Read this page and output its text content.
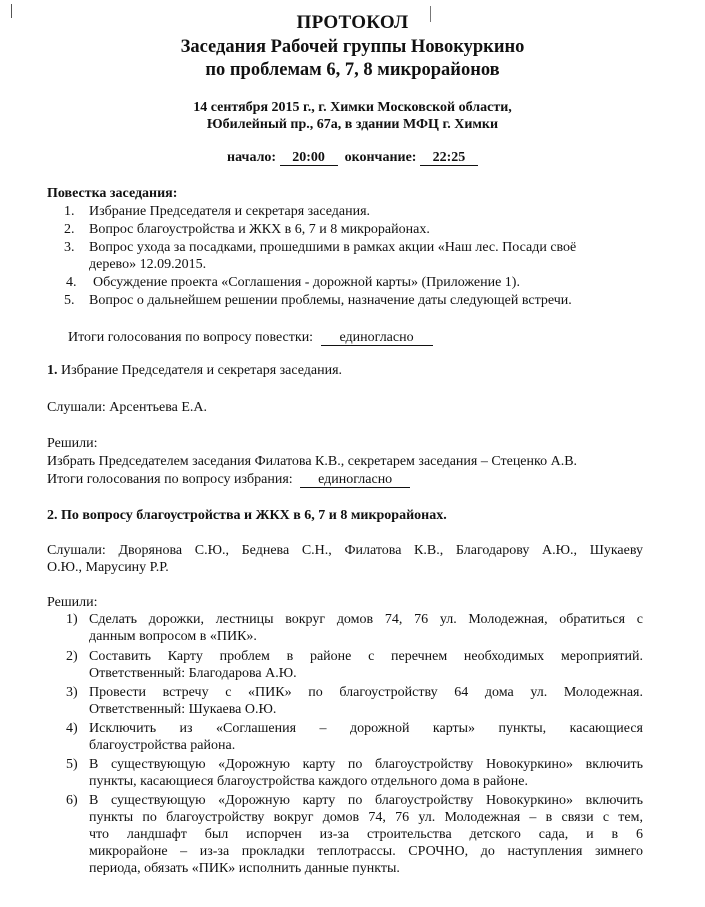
ПРОТОКОЛ
Заседания Рабочей группы Новокуркино
по проблемам 6, 7, 8 микрорайонов
14 сентября 2015 г., г. Химки Московской области,
Юбилейный пр., 67а, в здании МФЦ г. Химки
начало: 20:00 окончание: 22:25
Повестка заседания:
1. Избрание Председателя и секретаря заседания.
2. Вопрос благоустройства и ЖКХ в 6, 7 и 8 микрорайонах.
3. Вопрос ухода за посадками, прошедшими в рамках акции «Наш лес. Посади своё
дерево» 12.09.2015.
4. Обсуждение проекта «Соглашения - дорожной карты» (Приложение 1).
5. Вопрос о дальнейшем решении проблемы, назначение даты следующей встречи.
Итоги голосования по вопросу повестки: единогласно
1. Избрание Председателя и секретаря заседания.
Слушали: Арсентьева Е.А.
Решили:
Избрать Председателем заседания Филатова К.В., секретарем заседания – Стеценко А.В.
Итоги голосования по вопросу избрания: единогласно
2. По вопросу благоустройства и ЖКХ в 6, 7 и 8 микрорайонах.
Слушали: Дворянова С.Ю., Беднева С.Н., Филатова К.В., Благодарову А.Ю., Шукаеву
О.Ю., Марусину Р.Р.
Решили:
1) Сделать дорожки, лестницы вокруг домов 74, 76 ул. Молодежная, обратиться с
данным вопросом в «ПИК».
2) Составить Карту проблем в районе с перечнем необходимых мероприятий.
Ответственный: Благодарова А.Ю.
3) Провести встречу с «ПИК» по благоустройству 64 дома ул. Молодежная.
Ответственный: Шукаева О.Ю.
4) Исключить из «Соглашения – дорожной карты» пункты, касающиеся
благоустройства района.
5) В существующую «Дорожную карту по благоустройству Новокуркино» включить
пункты, касающиеся благоустройства каждого отдельного дома в районе.
6) В существующую «Дорожную карту по благоустройству Новокуркино» включить
пункты по благоустройству вокруг домов 74, 76 ул. Молодежная – в связи с тем,
что ландшафт был испорчен из-за строительства детского сада, и в 6
микрорайоне – из-за прокладки теплотрассы. СРОЧНО, до наступления зимнего
периода, обязать «ПИК» исполнить данные пункты.
